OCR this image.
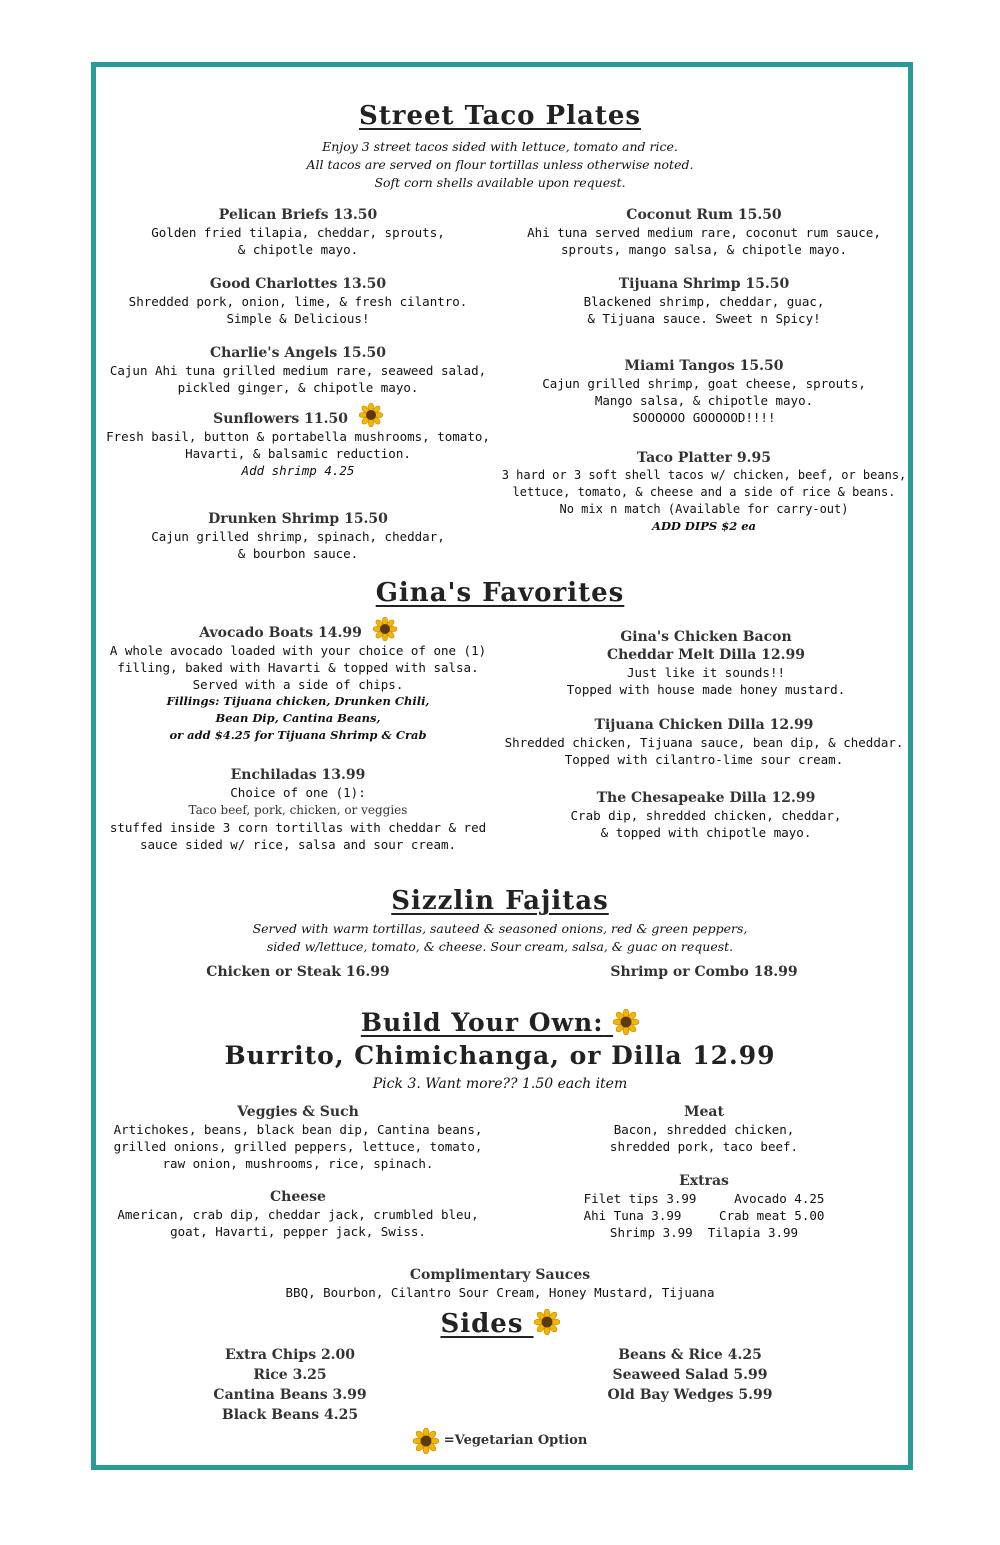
Street Taco Plates
Enjoy 3 street tacos sided with lettuce, tomato and rice.
All tacos are served on flour tortillas unless otherwise noted.
Soft corn shells available upon request.
Pelican Briefs 13.50
Golden fried tilapia, cheddar, sprouts,
& chipotle mayo.
Good Charlottes 13.50
Shredded pork, onion, lime, & fresh cilantro.
Simple & Delicious!
Charlie's Angels 15.50
Cajun Ahi tuna grilled medium rare, seaweed salad,
pickled ginger, & chipotle mayo.
Sunflowers 11.50
Fresh basil, button & portabella mushrooms, tomato,
Havarti, & balsamic reduction.
Add shrimp 4.25
Drunken Shrimp 15.50
Cajun grilled shrimp, spinach, cheddar,
& bourbon sauce.
Coconut Rum 15.50
Ahi tuna served medium rare, coconut rum sauce,
sprouts, mango salsa, & chipotle mayo.
Tijuana Shrimp 15.50
Blackened shrimp, cheddar, guac,
& Tijuana sauce. Sweet n Spicy!
Miami Tangos 15.50
Cajun grilled shrimp, goat cheese, sprouts,
Mango salsa, & chipotle mayo.
SOOOOOO GOOOOOD!!!!
Taco Platter 9.95
3 hard or 3 soft shell tacos w/ chicken, beef, or beans,
lettuce, tomato, & cheese and a side of rice & beans.
No mix n match (Available for carry-out)
ADD DIPS $2 ea
Gina's Favorites
Avocado Boats 14.99
A whole avocado loaded with your choice of one (1)
filling, baked with Havarti & topped with salsa.
Served with a side of chips.
Fillings: Tijuana chicken, Drunken Chili,
Bean Dip, Cantina Beans,
or add $4.25 for Tijuana Shrimp & Crab
Enchiladas 13.99
Choice of one (1):
Taco beef, pork, chicken, or veggies
stuffed inside 3 corn tortillas with cheddar & red
sauce sided w/ rice, salsa and sour cream.
Gina's Chicken Bacon
Cheddar Melt Dilla 12.99
Just like it sounds!!
Topped with house made honey mustard.
Tijuana Chicken Dilla 12.99
Shredded chicken, Tijuana sauce, bean dip, & cheddar.
Topped with cilantro-lime sour cream.
The Chesapeake Dilla 12.99
Crab dip, shredded chicken, cheddar,
& topped with chipotle mayo.
Sizzlin Fajitas
Served with warm tortillas, sauteed & seasoned onions, red & green peppers,
sided w/lettuce, tomato, & cheese. Sour cream, salsa, & guac on request.
Chicken or Steak 16.99	Shrimp or Combo 18.99
Build Your Own:
Burrito, Chimichanga, or Dilla 12.99
Pick 3. Want more?? 1.50 each item
Veggies & Such
Artichokes, beans, black bean dip, Cantina beans,
grilled onions, grilled peppers, lettuce, tomato,
raw onion, mushrooms, rice, spinach.
Cheese
American, crab dip, cheddar jack, crumbled bleu,
goat, Havarti, pepper jack, Swiss.
Meat
Bacon, shredded chicken,
shredded pork, taco beef.
Extras
Filet tips 3.99     Avocado 4.25
Ahi Tuna 3.99     Crab meat 5.00
Shrimp 3.99  Tilapia 3.99
Complimentary Sauces
BBQ, Bourbon, Cilantro Sour Cream, Honey Mustard, Tijuana
Sides
Extra Chips 2.00
Rice 3.25
Cantina Beans 3.99
Black Beans 4.25
Beans & Rice 4.25
Seaweed Salad 5.99
Old Bay Wedges 5.99
=Vegetarian Option
